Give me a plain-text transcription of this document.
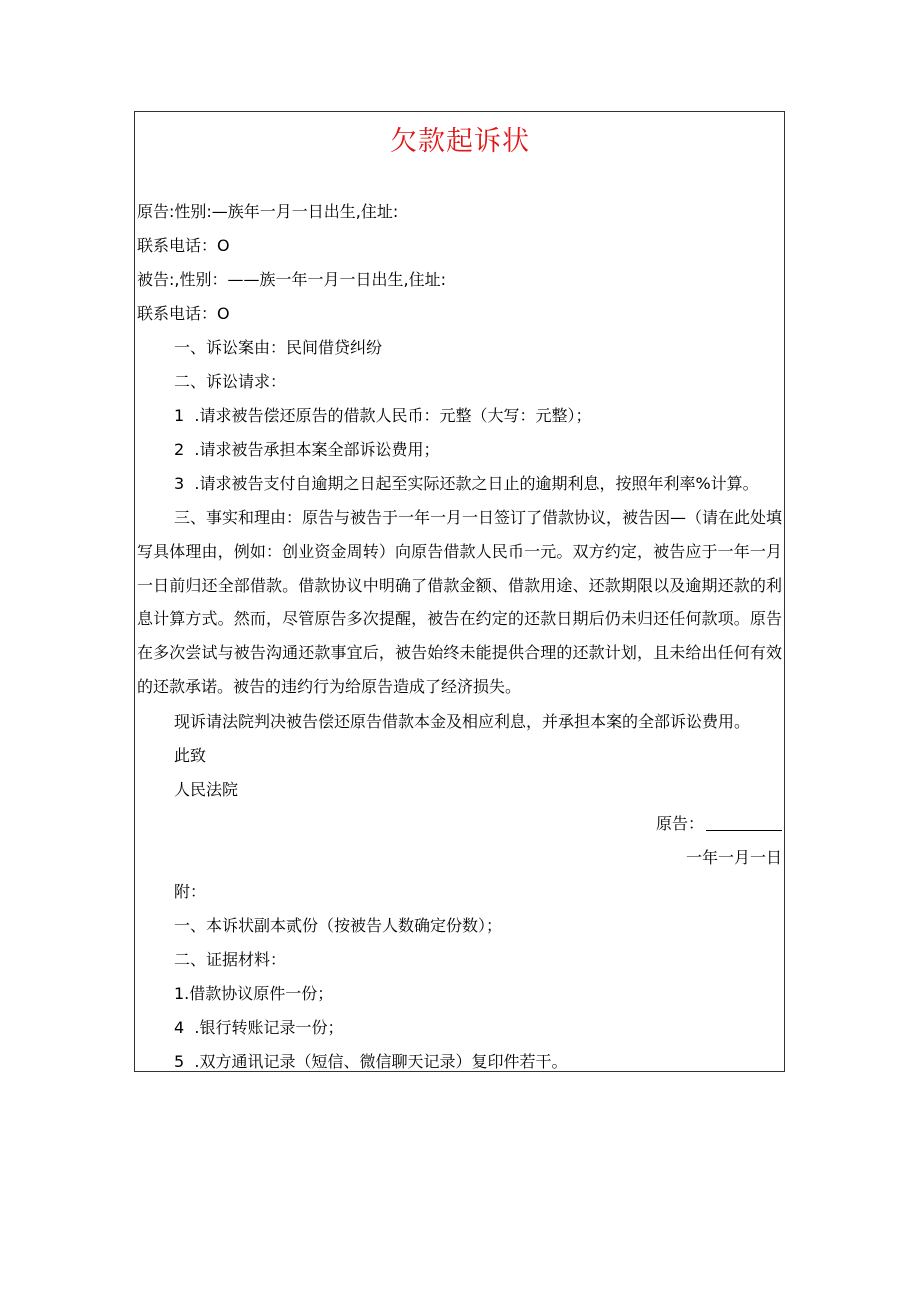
欠款起诉状
原告:性别:—族年一月一日出生,住址:
联系电话：O
被告:,性别：——族一年一月一日出生,住址:
联系电话：O
一、诉讼案由：民间借贷纠纷
二、诉讼请求：
1  .请求被告偿还原告的借款人民币：元整（大写：元整）；
2  .请求被告承担本案全部诉讼费用；
3  .请求被告支付自逾期之日起至实际还款之日止的逾期利息，按照年利率%计算。
三、事实和理由：原告与被告于一年一月一日签订了借款协议，被告因—（请在此处填写具体理由，例如：创业资金周转）向原告借款人民币一元。双方约定，被告应于一年一月一日前归还全部借款。借款协议中明确了借款金额、借款用途、还款期限以及逾期还款的利息计算方式。然而，尽管原告多次提醒，被告在约定的还款日期后仍未归还任何款项。原告在多次尝试与被告沟通还款事宜后，被告始终未能提供合理的还款计划，且未给出任何有效的还款承诺。被告的违约行为给原告造成了经济损失。
现诉请法院判决被告偿还原告借款本金及相应利息，并承担本案的全部诉讼费用。
此致
人民法院
原告：
一年一月一日
附：
一、本诉状副本贰份（按被告人数确定份数）；
二、证据材料：
1.借款协议原件一份；
4  .银行转账记录一份；
5  .双方通讯记录（短信、微信聊天记录）复印件若干。
